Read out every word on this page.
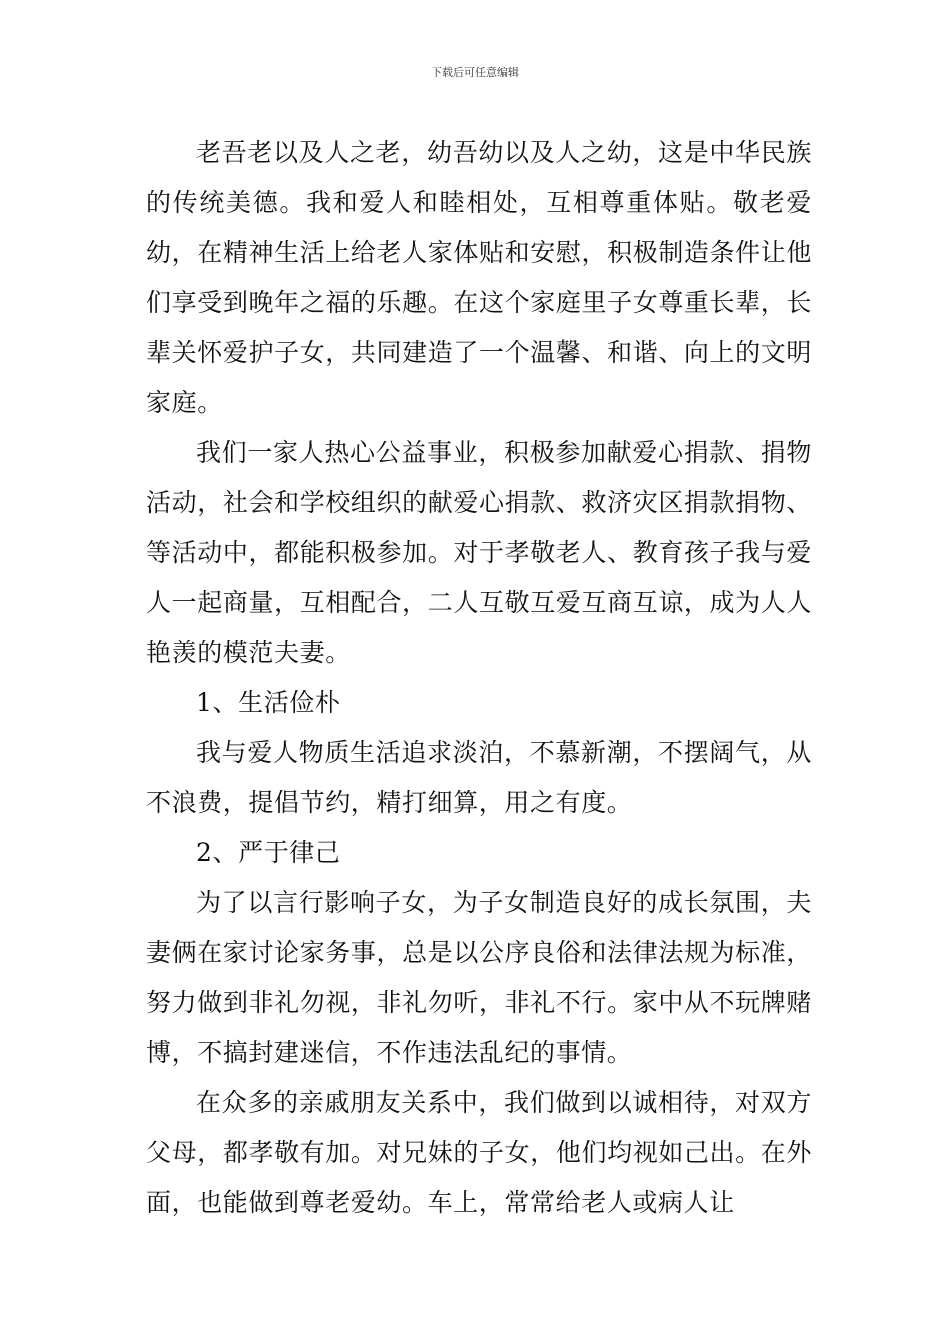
下载后可任意编辑

老吾老以及人之老，幼吾幼以及人之幼，这是中华民族的传统美德。我和爱人和睦相处，互相尊重体贴。敬老爱幼，在精神生活上给老人家体贴和安慰，积极制造条件让他们享受到晚年之福的乐趣。在这个家庭里子女尊重长辈，长辈关怀爱护子女，共同建造了一个温馨、和谐、向上的文明家庭。

我们一家人热心公益事业，积极参加献爱心捐款、捐物活动，社会和学校组织的献爱心捐款、救济灾区捐款捐物、等活动中，都能积极参加。对于孝敬老人、教育孩子我与爱人一起商量，互相配合，二人互敬互爱互商互谅，成为人人艳羡的模范夫妻。

1、生活俭朴

我与爱人物质生活追求淡泊，不慕新潮，不摆阔气，从不浪费，提倡节约，精打细算，用之有度。

2、严于律己

为了以言行影响子女，为子女制造良好的成长氛围，夫妻俩在家讨论家务事，总是以公序良俗和法律法规为标准，努力做到非礼勿视，非礼勿听，非礼不行。家中从不玩牌赌博，不搞封建迷信，不作违法乱纪的事情。

在众多的亲戚朋友关系中，我们做到以诚相待，对双方父母，都孝敬有加。对兄妹的子女，他们均视如己出。在外面，也能做到尊老爱幼。车上，常常给老人或病人让
